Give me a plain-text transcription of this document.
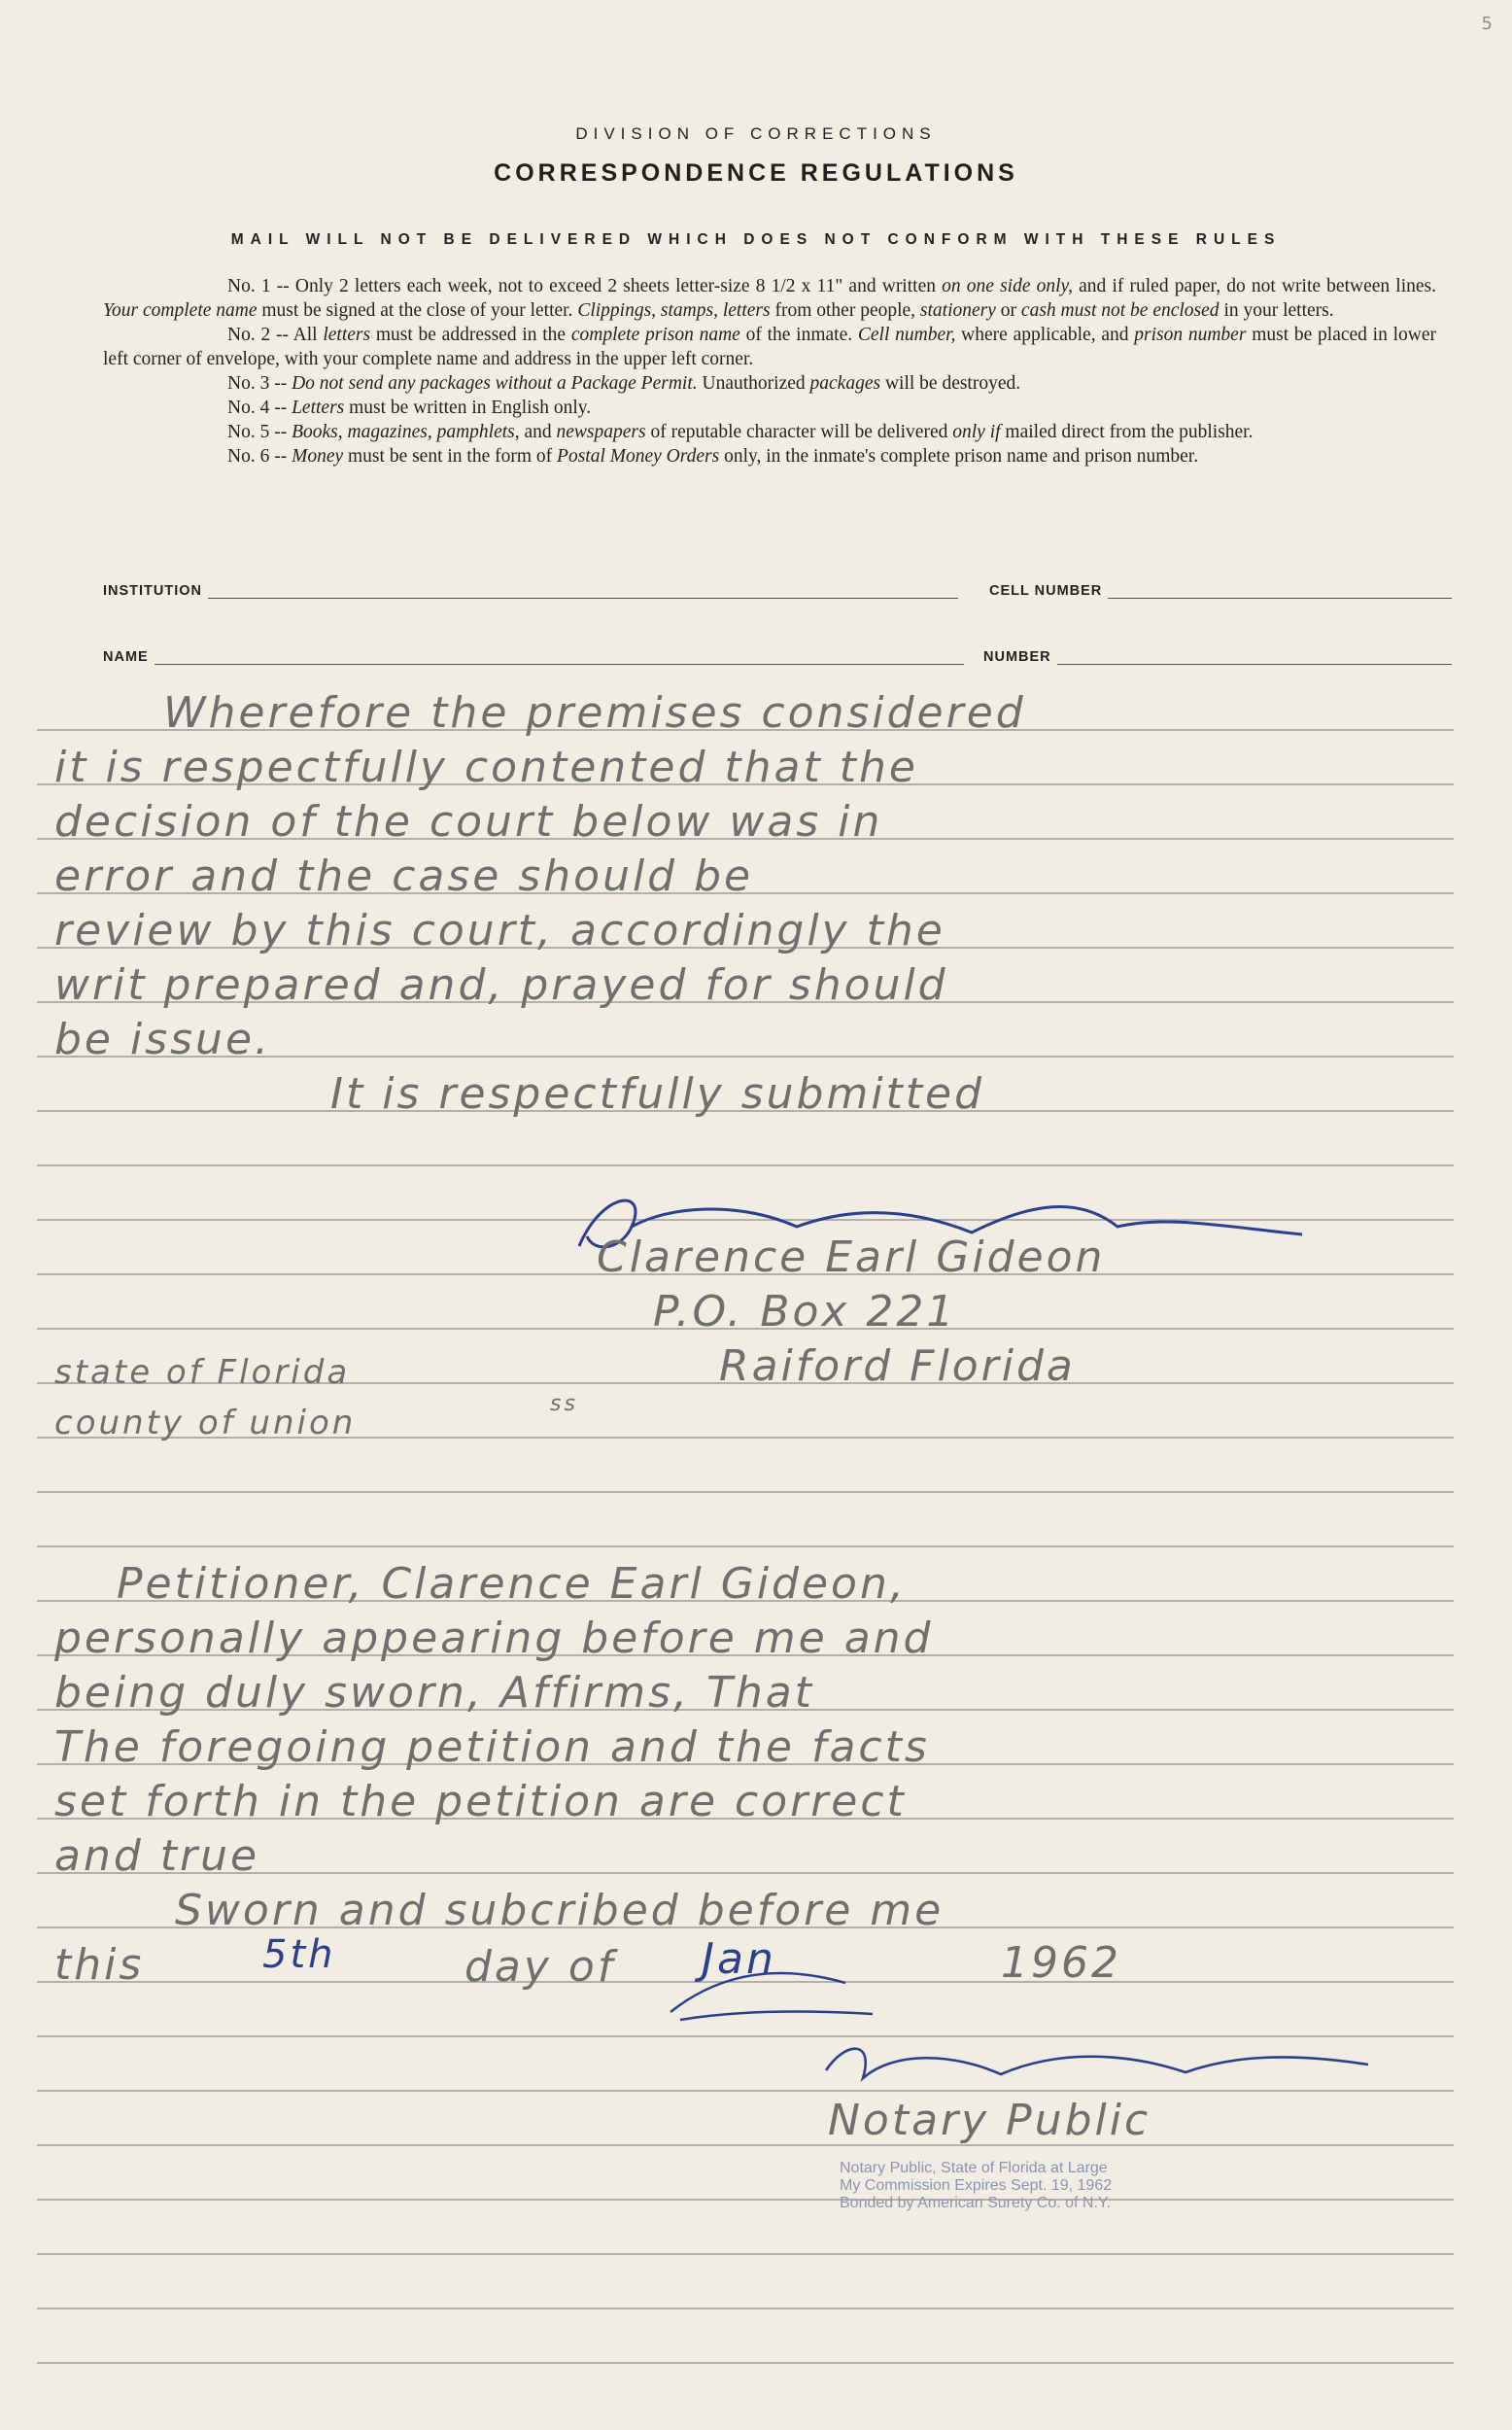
5
DIVISION OF CORRECTIONS
CORRESPONDENCE REGULATIONS
MAIL WILL NOT BE DELIVERED WHICH DOES NOT CONFORM WITH THESE RULES

No. 1 -- Only 2 letters each week, not to exceed 2 sheets letter-size 8 1/2 x 11" and written on one side only, and if ruled paper, do not write between lines. Your complete name must be signed at the close of your letter. Clippings, stamps, letters from other people, stationery or cash must not be enclosed in your letters.

No. 2 -- All letters must be addressed in the complete prison name of the inmate. Cell number, where applicable, and prison number must be placed in lower left corner of envelope, with your complete name and address in the upper left corner.

No. 3 -- Do not send any packages without a Package Permit. Unauthorized packages will be destroyed.

No. 4 -- Letters must be written in English only.

No. 5 -- Books, magazines, pamphlets, and newspapers of reputable character will be delivered only if mailed direct from the publisher.

No. 6 -- Money must be sent in the form of Postal Money Orders only, in the inmate's complete prison name and prison number.

INSTITUTION	CELL NUMBER
NAME	NUMBER
Wherefore the premises considered
it is respectfully contented that the
decision of the court below was in
error and the case should be
review by this court, accordingly the
writ prepared and, prayed for should
be issue.
It is respectfully submitted
Clarence Earl Gideon
P.O. Box 221
Raiford Florida
state of Florida
county of union	ss
Petitioner, Clarence Earl Gideon,
personally appearing before me and
being duly sworn, Affirms, That
The foregoing petition and the facts
set forth in the petition are correct
and true
Sworn and subcribed before me
this	5th	day of Jan	1962
Notary Public
Notary Public, State of Florida at Large
My Commission Expires Sept. 19, 1962
Bonded by American Surety Co. of N.Y.
